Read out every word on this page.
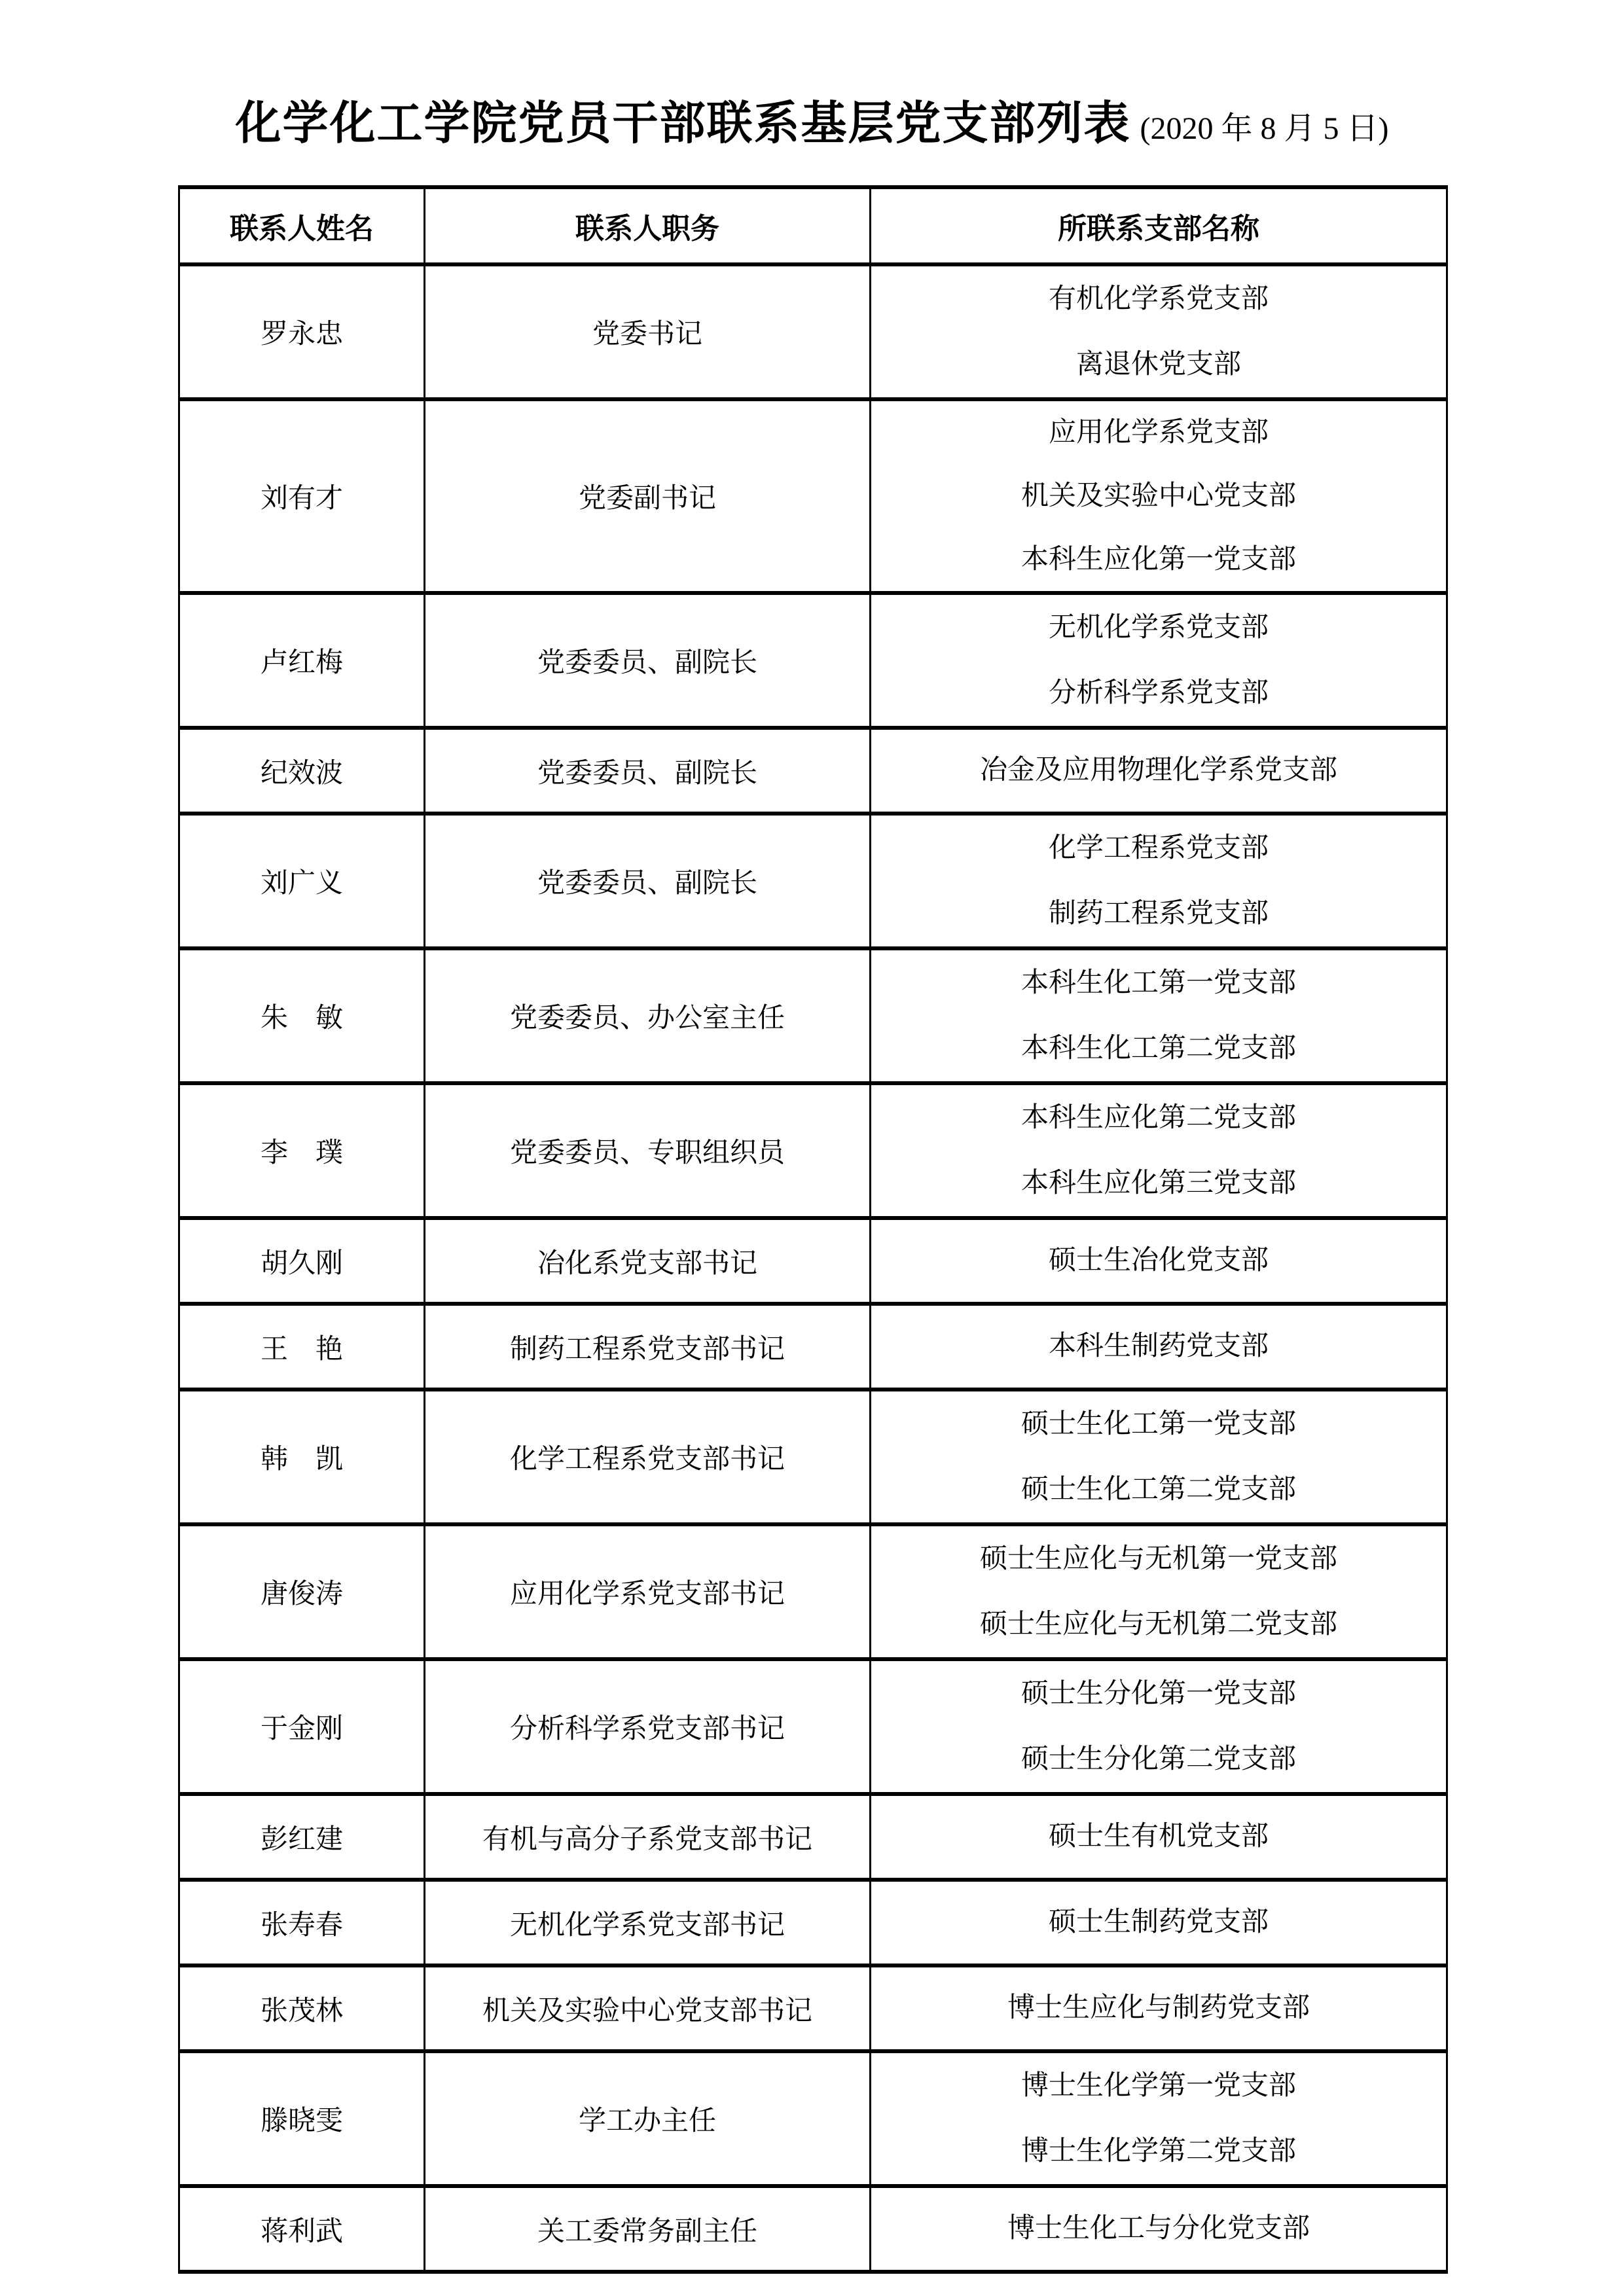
化学化工学院党员干部联系基层党支部列表 (2020 年 8 月 5 日)
联系人姓名	联系人职务	所联系支部名称
罗永忠	党委书记	有机化学系党支部
离退休党支部

刘有才	党委副书记	应用化学系党支部
机关及实验中心党支部
本科生应化第一党支部

卢红梅	党委委员、副院长	无机化学系党支部
分析科学系党支部

纪效波	党委委员、副院长	冶金及应用物理化学系党支部

刘广义	党委委员、副院长	化学工程系党支部
制药工程系党支部

朱　敏	党委委员、办公室主任	本科生化工第一党支部
本科生化工第二党支部

李　璞	党委委员、专职组织员	本科生应化第二党支部
本科生应化第三党支部

胡久刚	冶化系党支部书记	硕士生冶化党支部

王　艳	制药工程系党支部书记	本科生制药党支部

韩　凯	化学工程系党支部书记	硕士生化工第一党支部
硕士生化工第二党支部

唐俊涛	应用化学系党支部书记	硕士生应化与无机第一党支部
硕士生应化与无机第二党支部

于金刚	分析科学系党支部书记	硕士生分化第一党支部
硕士生分化第二党支部

彭红建	有机与高分子系党支部书记	硕士生有机党支部

张寿春	无机化学系党支部书记	硕士生制药党支部

张茂林	机关及实验中心党支部书记	博士生应化与制药党支部

滕晓雯	学工办主任	博士生化学第一党支部
博士生化学第二党支部

蒋利武	关工委常务副主任	博士生化工与分化党支部
